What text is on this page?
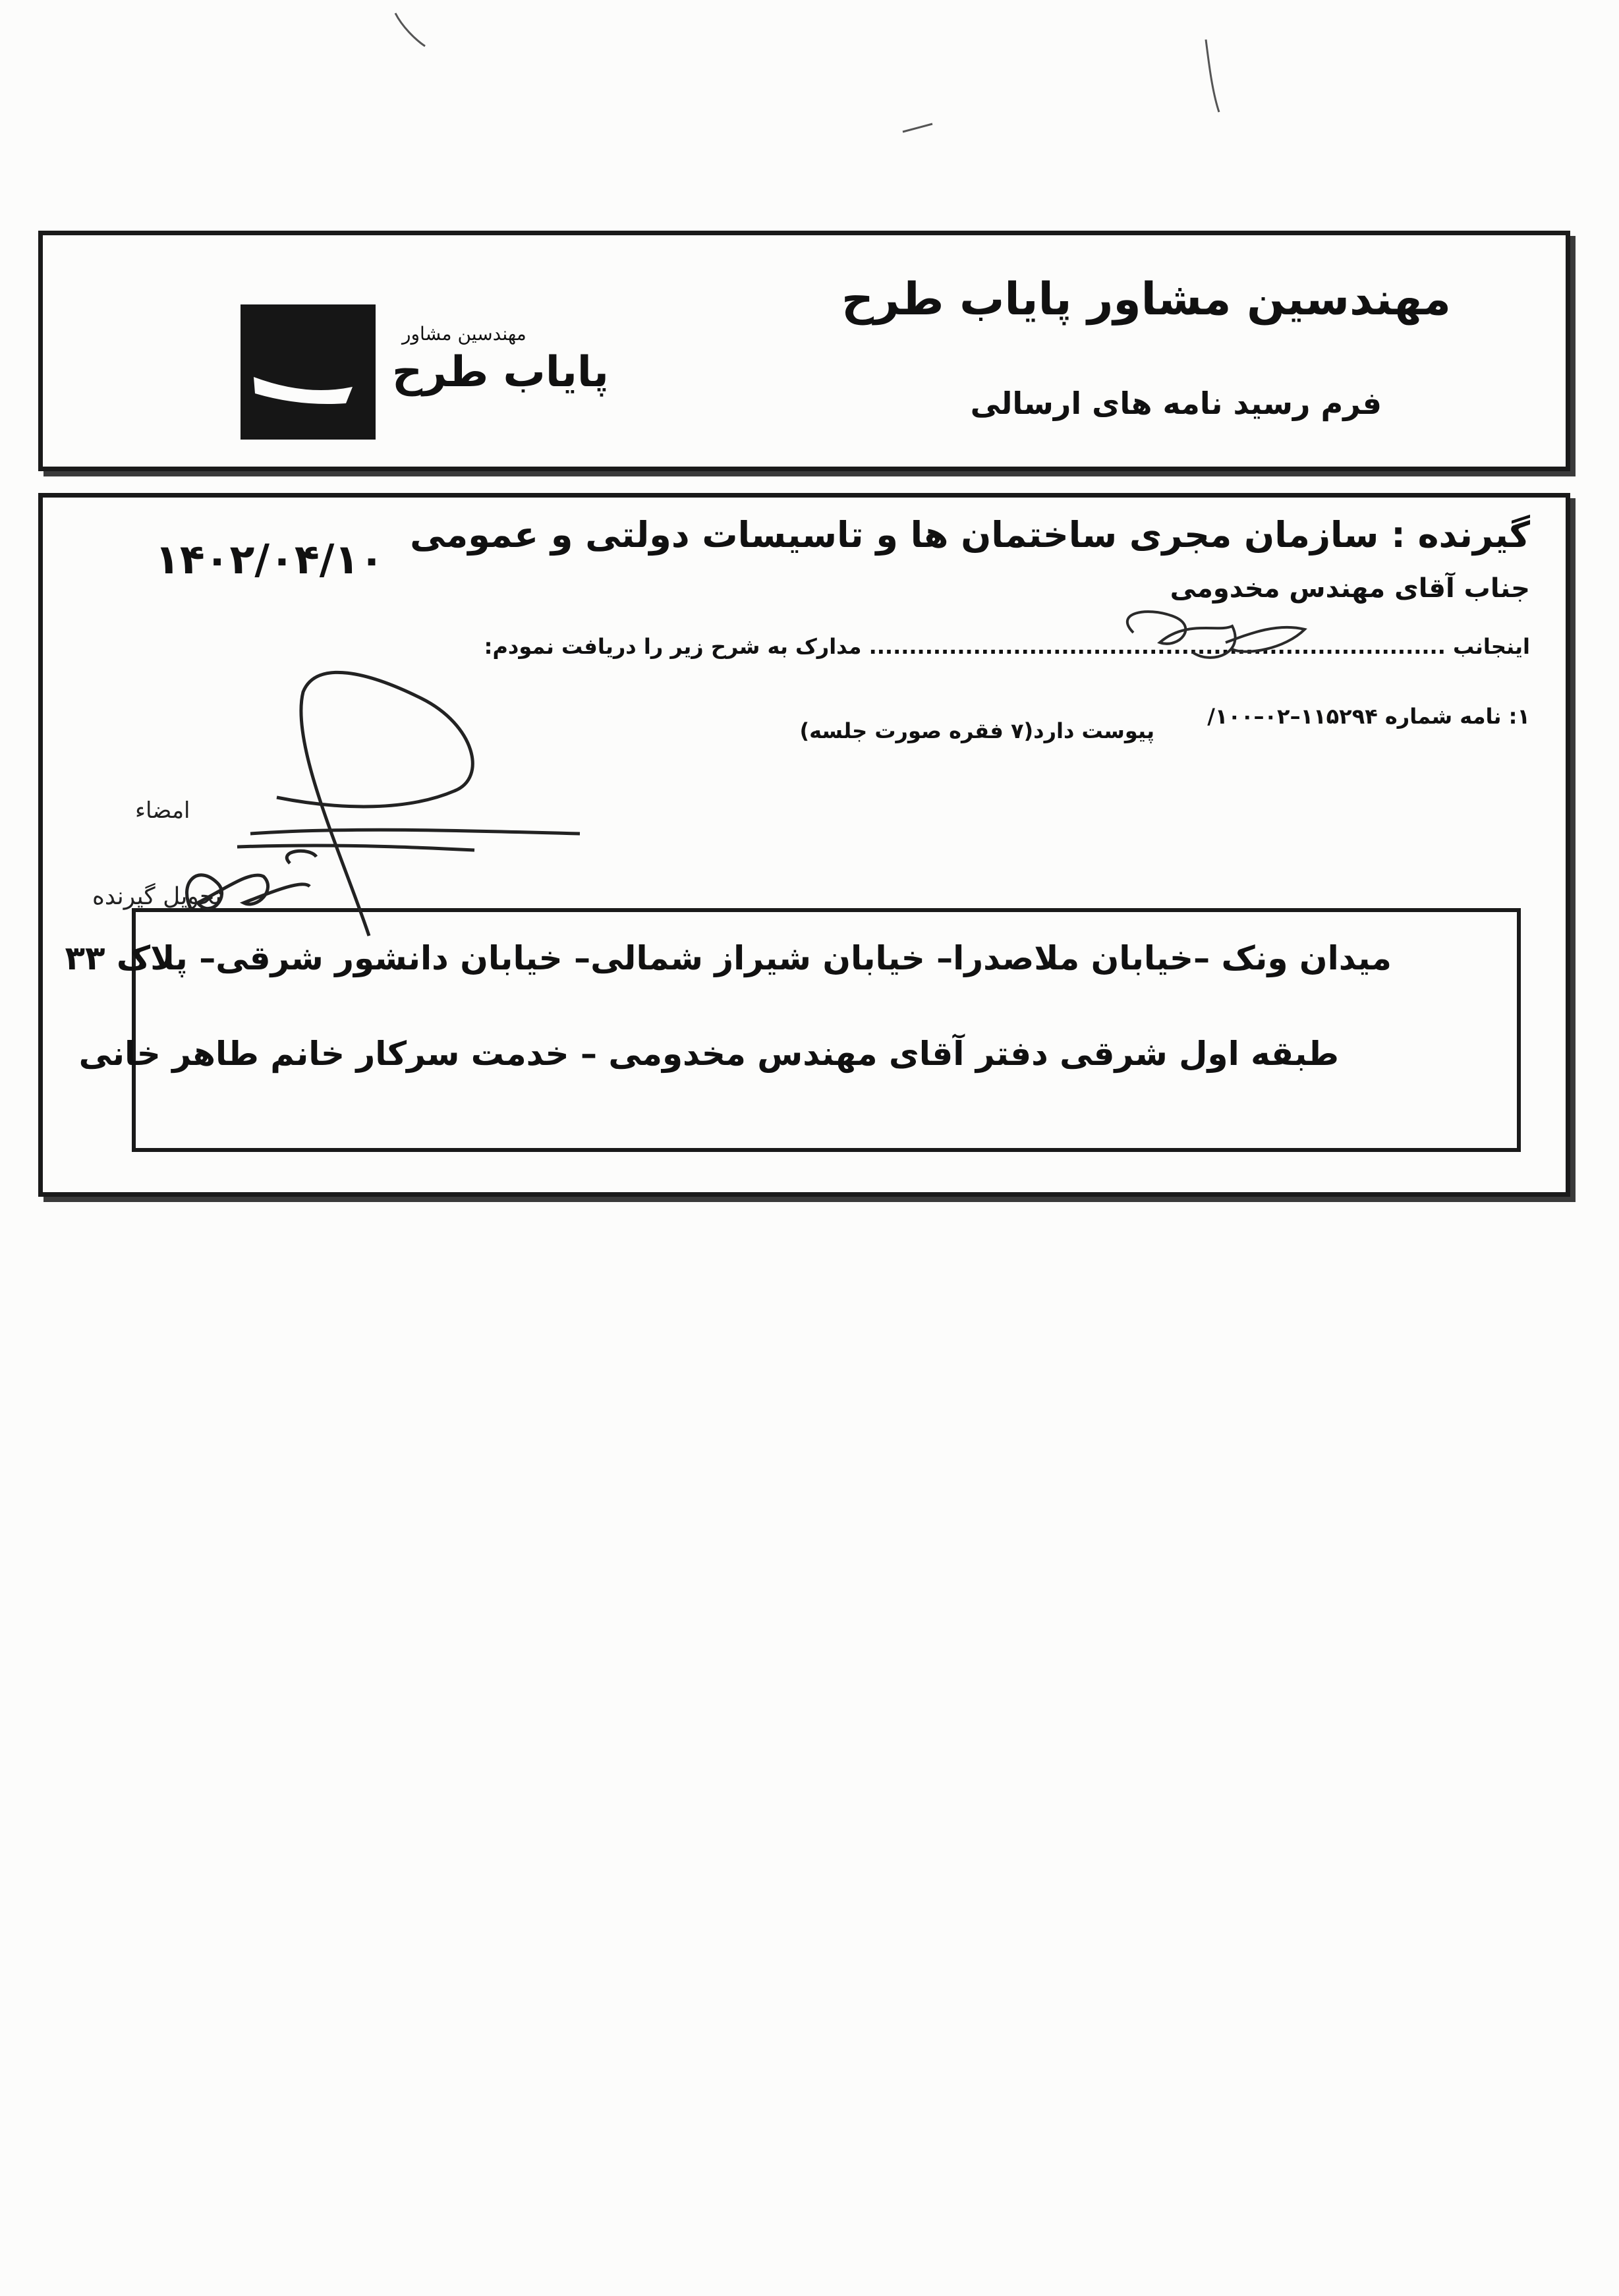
مهندسین مشاور پایاب طرح
فرم رسید نامه های ارسالی
مهندسین مشاور
پایاب طرح
گیرنده : سازمان مجری ساختمان ها و تاسیسات دولتی و عمومی
۱۴۰۲/۰۴/۱۰
جناب آقای مهندس مخدومی
اینجانب ........................................................................ مدارک به شرح زیر را دریافت نمودم:
۱: نامه شماره ۱۱۵۲۹۴–۰۲–۱۰۰/
پیوست دارد(۷ فقره صورت جلسه)
امضاء
تحویل گیرنده
میدان ونک –خیابان ملاصدرا– خیابان شیراز شمالی– خیابان دانشور شرقی– پلاک ۳۳
طبقه اول شرقی دفتر آقای مهندس مخدومی – خدمت سرکار خانم طاهر خانی
